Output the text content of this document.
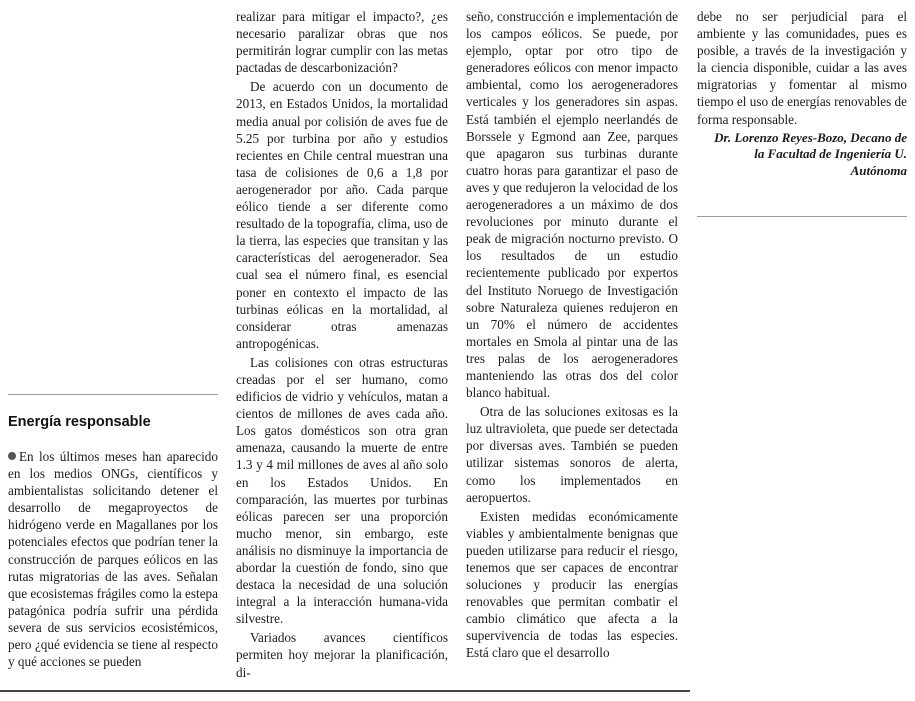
Energía responsable

En los últimos meses han aparecido en los medios ONGs, científicos y ambientalistas solicitando detener el desarrollo de megaproyectos de hidrógeno verde en Magallanes por los potenciales efectos que podrían tener la construcción de parques eólicos en las rutas migratorias de las aves. Señalan que ecosistemas frágiles como la estepa patagónica podría sufrir una pérdida severa de sus servicios ecosistémicos, pero ¿qué evidencia se tiene al respecto y qué acciones se pueden

realizar para mitigar el impacto?, ¿es necesario paralizar obras que nos permitirán lograr cumplir con las metas pactadas de descarbonización?

De acuerdo con un documento de 2013, en Estados Unidos, la mortalidad media anual por colisión de aves fue de 5.25 por turbina por año y estudios recientes en Chile central muestran una tasa de colisiones de 0,6 a 1,8 por aerogenerador por año. Cada parque eólico tiende a ser diferente como resultado de la topografía, clima, uso de la tierra, las especies que transitan y las características del aerogenerador. Sea cual sea el número final, es esencial poner en contexto el impacto de las turbinas eólicas en la mortalidad, al considerar otras amenazas antropogénicas.

Las colisiones con otras estructuras creadas por el ser humano, como edificios de vidrio y vehículos, matan a cientos de millones de aves cada año. Los gatos domésticos son otra gran amenaza, causando la muerte de entre 1.3 y 4 mil millones de aves al año solo en los Estados Unidos. En comparación, las muertes por turbinas eólicas parecen ser una proporción mucho menor, sin embargo, este análisis no disminuye la importancia de abordar la cuestión de fondo, sino que destaca la necesidad de una solución integral a la interacción humana-vida silvestre.

Variados avances científicos permiten hoy mejorar la planificación, di-

seño, construcción e implementación de los campos eólicos. Se puede, por ejemplo, optar por otro tipo de generadores eólicos con menor impacto ambiental, como los aerogeneradores verticales y los generadores sin aspas. Está también el ejemplo neerlandés de Borssele y Egmond aan Zee, parques que apagaron sus turbinas durante cuatro horas para garantizar el paso de aves y que redujeron la velocidad de los aerogeneradores a un máximo de dos revoluciones por minuto durante el peak de migración nocturno previsto. O los resultados de un estudio recientemente publicado por expertos del Instituto Noruego de Investigación sobre Naturaleza quienes redujeron en un 70% el número de accidentes mortales en Smola al pintar una de las tres palas de los aerogeneradores manteniendo las otras dos del color blanco habitual.

Otra de las soluciones exitosas es la luz ultravioleta, que puede ser detectada por diversas aves. También se pueden utilizar sistemas sonoros de alerta, como los implementados en aeropuertos.

Existen medidas económicamente viables y ambientalmente benignas que pueden utilizarse para reducir el riesgo, tenemos que ser capaces de encontrar soluciones y producir las energías renovables que permitan combatir el cambio climático que afecta a la supervivencia de todas las especies. Está claro que el desarrollo

debe no ser perjudicial para el ambiente y las comunidades, pues es posible, a través de la investigación y la ciencia disponible, cuidar a las aves migratorias y fomentar al mismo tiempo el uso de energías renovables de forma responsable.

Dr. Lorenzo Reyes-Bozo, Decano de la Facultad de Ingeniería U. Autónoma
